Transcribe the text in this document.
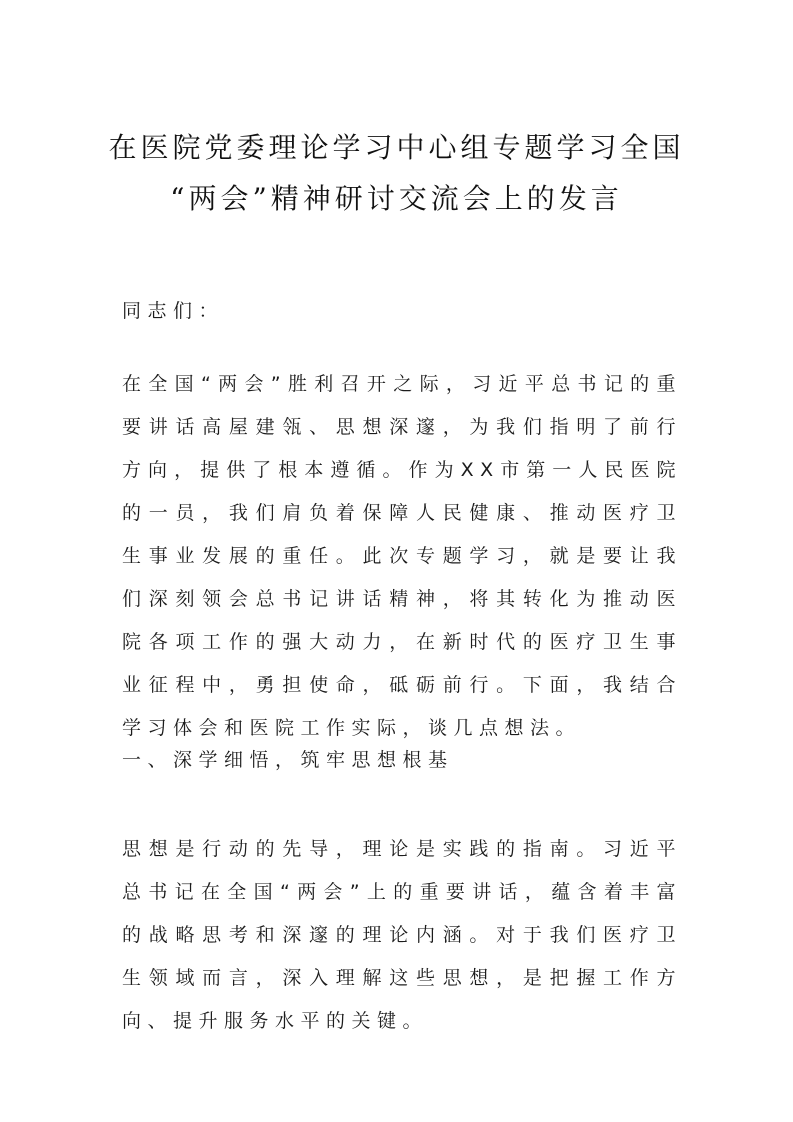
在医院党委理论学习中心组专题学习全国
“两会”精神研讨交流会上的发言

同志们：

在全国“两会”胜利召开之际，习近平总书记的重要讲话高屋建瓴、思想深邃，为我们指明了前行方向，提供了根本遵循。作为XX市第一人民医院的一员，我们肩负着保障人民健康、推动医疗卫生事业发展的重任。此次专题学习，就是要让我们深刻领会总书记讲话精神，将其转化为推动医院各项工作的强大动力，在新时代的医疗卫生事业征程中，勇担使命，砥砺前行。下面，我结合学习体会和医院工作实际，谈几点想法。

一、深学细悟，筑牢思想根基

思想是行动的先导，理论是实践的指南。习近平总书记在全国“两会”上的重要讲话，蕴含着丰富的战略思考和深邃的理论内涵。对于我们医疗卫生领域而言，深入理解这些思想，是把握工作方向、提升服务水平的关键。
